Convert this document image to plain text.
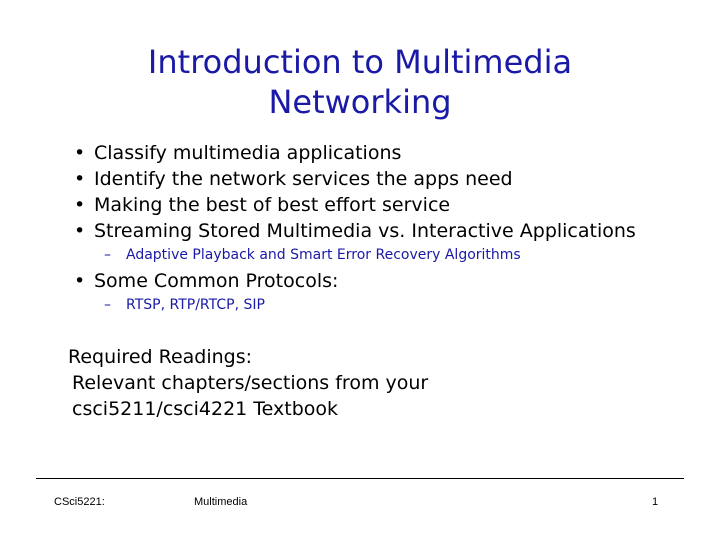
Introduction to Multimedia Networking

• Classify multimedia applications

• Identify the network services the apps need

• Making the best of best effort service

• Streaming Stored Multimedia vs. Interactive Applications

– Adaptive Playback and Smart Error Recovery Algorithms

• Some Common Protocols:

– RTSP, RTP/RTCP, SIP

Required Readings:

Relevant chapters/sections from your csci5211/csci4221 Textbook

CSci5221:	Multimedia	1
